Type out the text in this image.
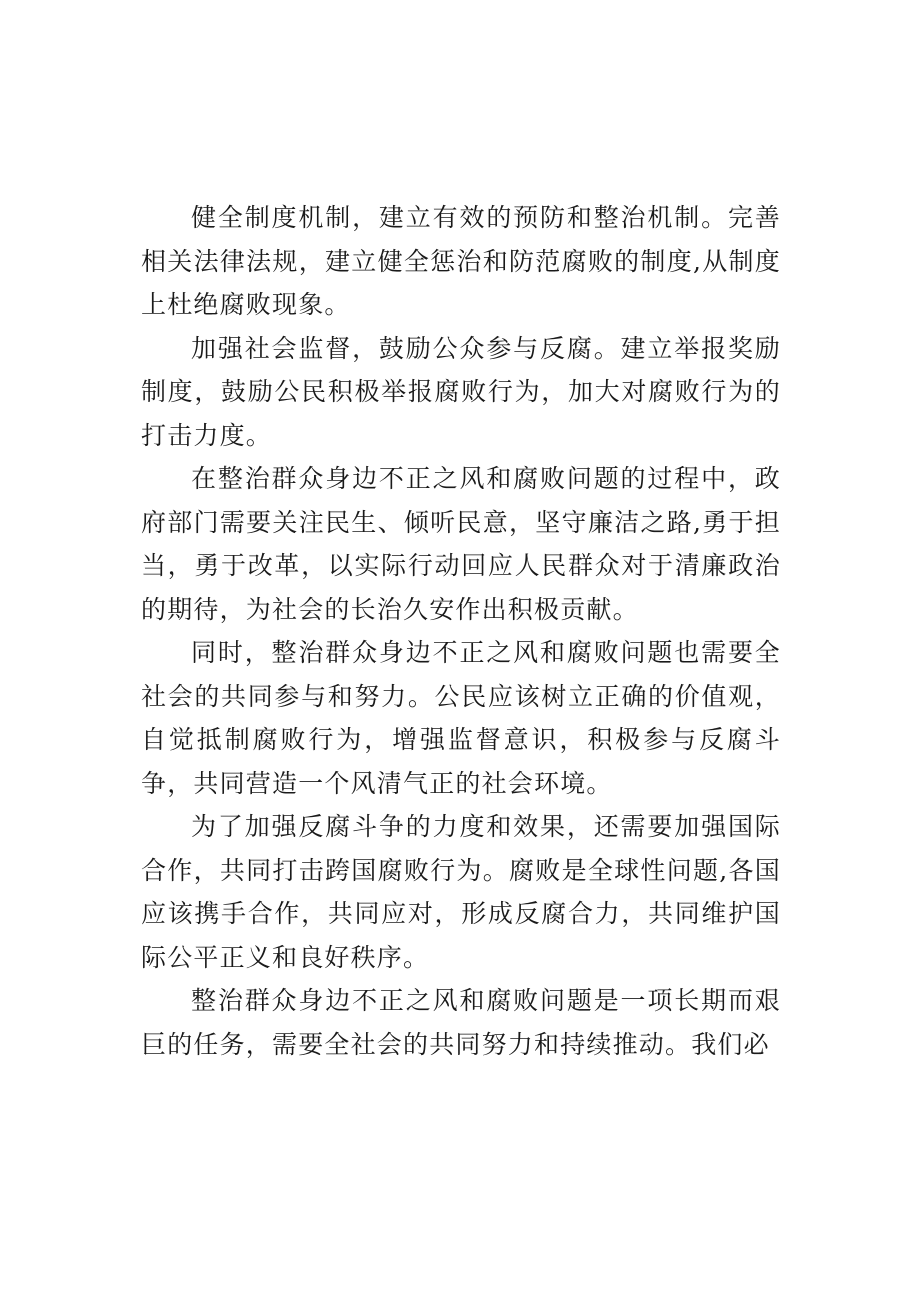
健全制度机制，建立有效的预防和整治机制。完善相关法律法规，建立健全惩治和防范腐败的制度,从制度上杜绝腐败现象。

加强社会监督，鼓励公众参与反腐。建立举报奖励制度，鼓励公民积极举报腐败行为，加大对腐败行为的打击力度。

在整治群众身边不正之风和腐败问题的过程中，政府部门需要关注民生、倾听民意，坚守廉洁之路,勇于担当，勇于改革，以实际行动回应人民群众对于清廉政治的期待，为社会的长治久安作出积极贡献。

同时，整治群众身边不正之风和腐败问题也需要全社会的共同参与和努力。公民应该树立正确的价值观，自觉抵制腐败行为，增强监督意识，积极参与反腐斗争，共同营造一个风清气正的社会环境。

为了加强反腐斗争的力度和效果，还需要加强国际合作，共同打击跨国腐败行为。腐败是全球性问题,各国应该携手合作，共同应对，形成反腐合力，共同维护国际公平正义和良好秩序。

整治群众身边不正之风和腐败问题是一项长期而艰巨的任务，需要全社会的共同努力和持续推动。我们必
